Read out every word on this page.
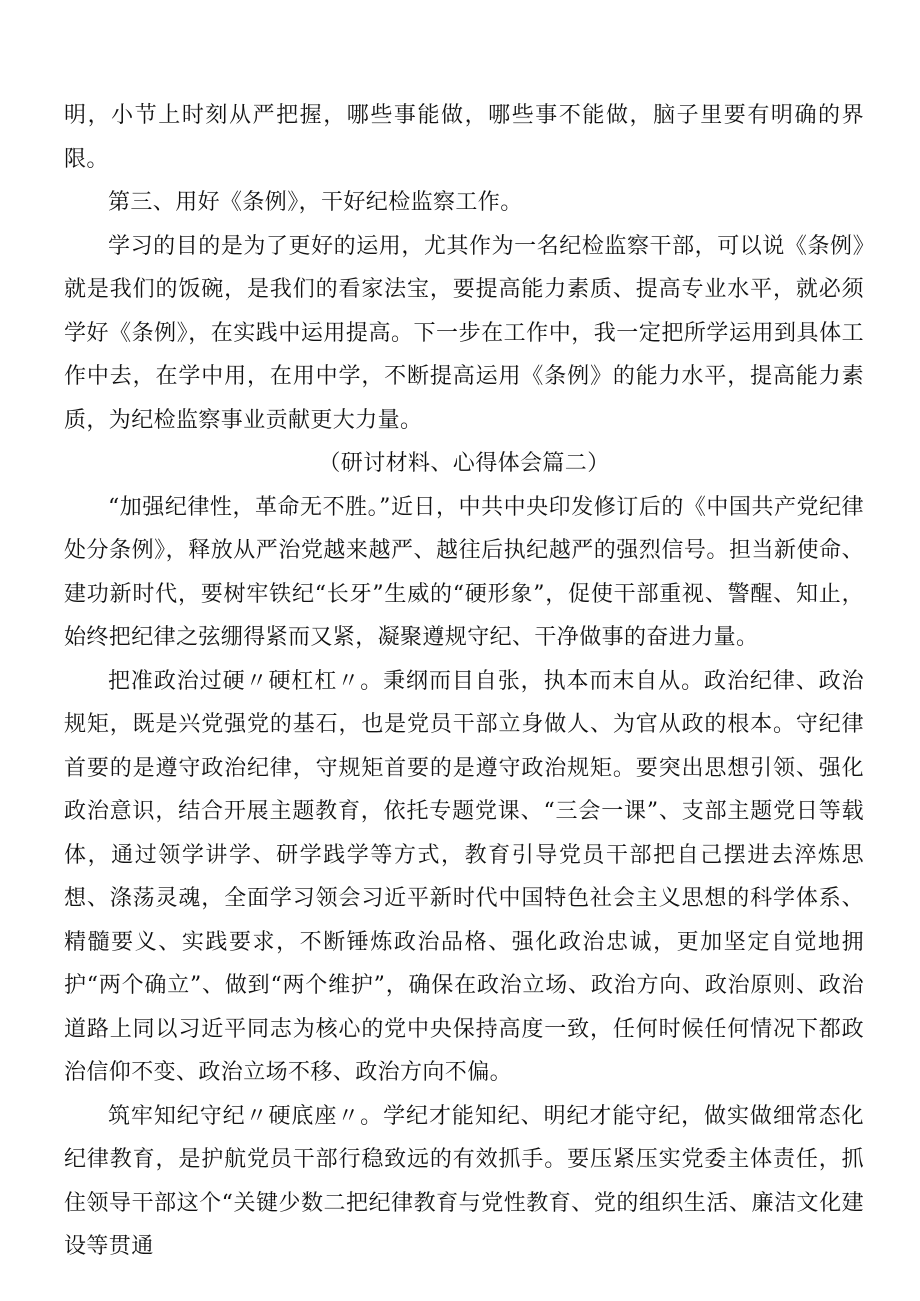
明，小节上时刻从严把握，哪些事能做，哪些事不能做，脑子里要有明确的界限。

第三、用好《条例》，干好纪检监察工作。

学习的目的是为了更好的运用，尤其作为一名纪检监察干部，可以说《条例》就是我们的饭碗，是我们的看家法宝，要提高能力素质、提高专业水平，就必须学好《条例》，在实践中运用提高。下一步在工作中，我一定把所学运用到具体工作中去，在学中用，在用中学，不断提高运用《条例》的能力水平，提高能力素质，为纪检监察事业贡献更大力量。

（研讨材料、心得体会篇二）

“加强纪律性，革命无不胜。”近日，中共中央印发修订后的《中国共产党纪律处分条例》，释放从严治党越来越严、越往后执纪越严的强烈信号。担当新使命、建功新时代，要树牢铁纪“长牙”生威的“硬形象”，促使干部重视、警醒、知止，始终把纪律之弦绷得紧而又紧，凝聚遵规守纪、干净做事的奋进力量。

把准政治过硬〃硬杠杠〃。秉纲而目自张，执本而末自从。政治纪律、政治规矩，既是兴党强党的基石，也是党员干部立身做人、为官从政的根本。守纪律首要的是遵守政治纪律，守规矩首要的是遵守政治规矩。要突出思想引领、强化政治意识，结合开展主题教育，依托专题党课、“三会一课”、支部主题党日等载体，通过领学讲学、研学践学等方式，教育引导党员干部把自己摆进去淬炼思想、涤荡灵魂，全面学习领会习近平新时代中国特色社会主义思想的科学体系、精髓要义、实践要求，不断锤炼政治品格、强化政治忠诚，更加坚定自觉地拥护“两个确立”、做到“两个维护”，确保在政治立场、政治方向、政治原则、政治道路上同以习近平同志为核心的党中央保持高度一致，任何时候任何情况下都政治信仰不变、政治立场不移、政治方向不偏。

筑牢知纪守纪〃硬底座〃。学纪才能知纪、明纪才能守纪，做实做细常态化纪律教育，是护航党员干部行稳致远的有效抓手。要压紧压实党委主体责任，抓住领导干部这个“关键少数二把纪律教育与党性教育、党的组织生活、廉洁文化建设等贯通
